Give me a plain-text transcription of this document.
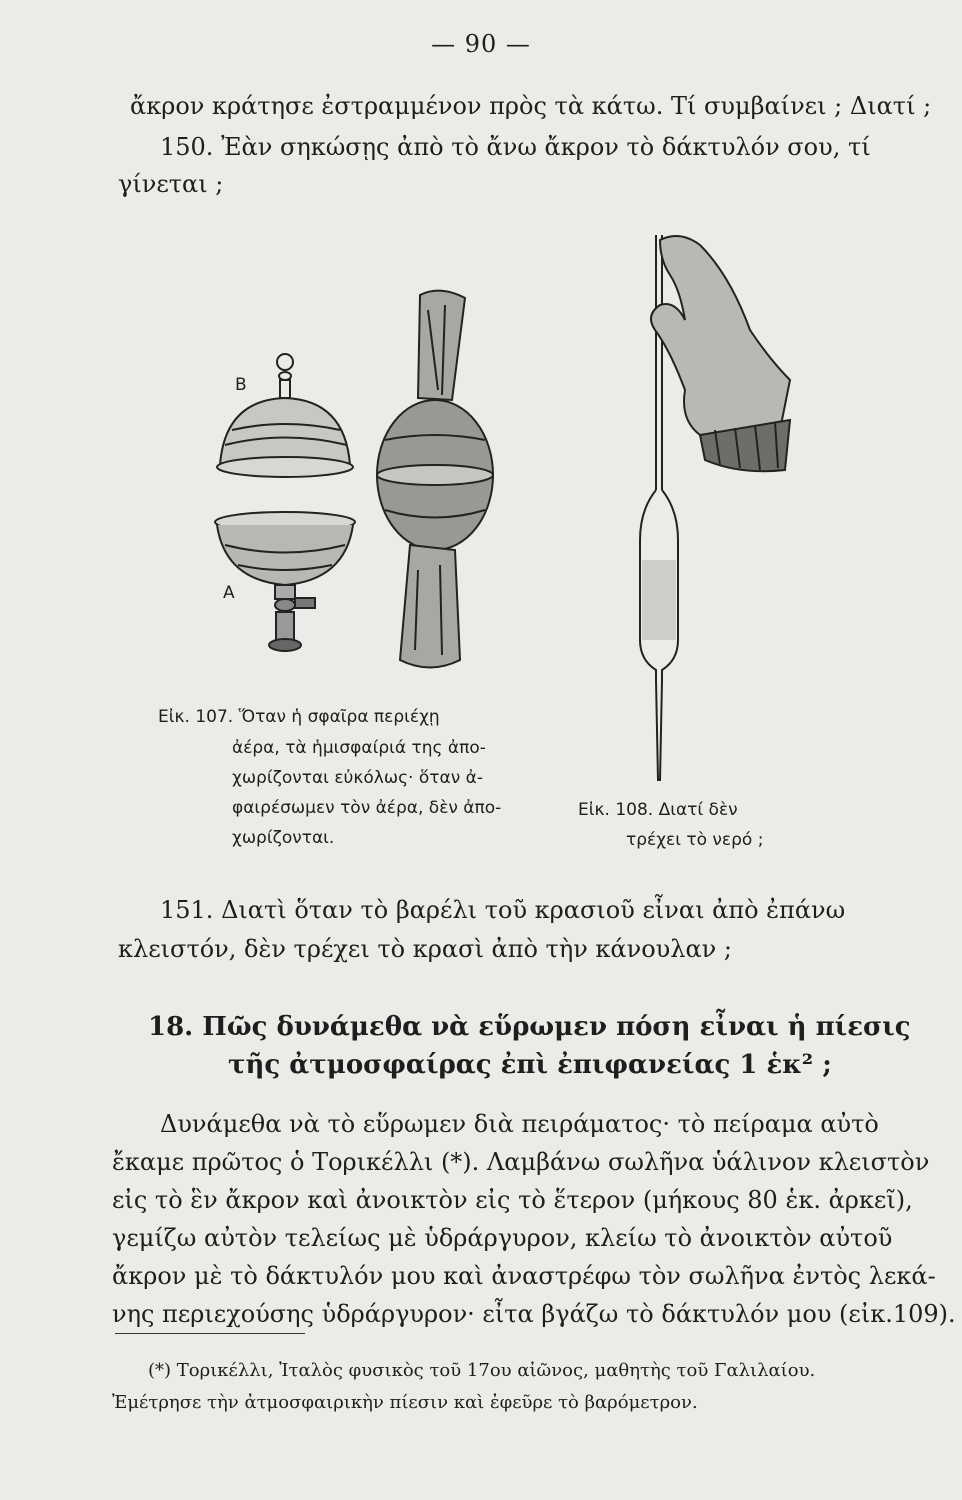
— 90 —
ἄκρον κράτησε ἐστραμμένον πρὸς τὰ κάτω. Τί συμβαίνει ; Διατί ;
150. Ἐὰν σηκώσῃς ἀπὸ τὸ ἄνω ἄκρον τὸ δάκτυλόν σου, τί
γίνεται ;
Β
Α
Εἰκ. 107. Ὅταν ἡ σφαῖρα περιέχῃ
ἀέρα, τὰ ἡμισφαίριά της ἀπο-
χωρίζονται εὐκόλως· ὅταν ἀ-
φαιρέσωμεν τὸν ἀέρα, δὲν ἀπο-
χωρίζονται.
Εἰκ. 108. Διατί δὲν
τρέχει τὸ νερό ;
151. Διατὶ ὅταν τὸ βαρέλι τοῦ κρασιοῦ εἶναι ἀπὸ ἐπάνω
κλειστόν, δὲν τρέχει τὸ κρασὶ ἀπὸ τὴν κάνουλαν ;
18. Πῶς δυνάμεθα νὰ εὕρωμεν πόση εἶναι ἡ πίεσις
τῆς ἀτμοσφαίρας ἐπὶ ἐπιφανείας 1 ἑκ² ;
Δυνάμεθα νὰ τὸ εὕρωμεν διὰ πειράματος· τὸ πείραμα αὐτὸ
ἔκαμε πρῶτος ὁ Τορικέλλι (*). Λαμβάνω σωλῆνα ὑάλινον κλειστὸν
εἰς τὸ ἓν ἄκρον καὶ ἀνοικτὸν εἰς τὸ ἕτερον (μήκους 80 ἑκ. ἀρκεῖ),
γεμίζω αὐτὸν τελείως μὲ ὑδράργυρον, κλείω τὸ ἀνοικτὸν αὐτοῦ
ἄκρον μὲ τὸ δάκτυλόν μου καὶ ἀναστρέφω τὸν σωλῆνα ἐντὸς λεκά-
νης περιεχούσης ὑδράργυρον· εἶτα βγάζω τὸ δάκτυλόν μου (εἰκ.109).
(*) Τορικέλλι, Ἰταλὸς φυσικὸς τοῦ 17ου αἰῶνος, μαθητὴς τοῦ Γαλιλαίου.
Ἐμέτρησε τὴν ἀτμοσφαιρικὴν πίεσιν καὶ ἐφεῦρε τὸ βαρόμετρον.
